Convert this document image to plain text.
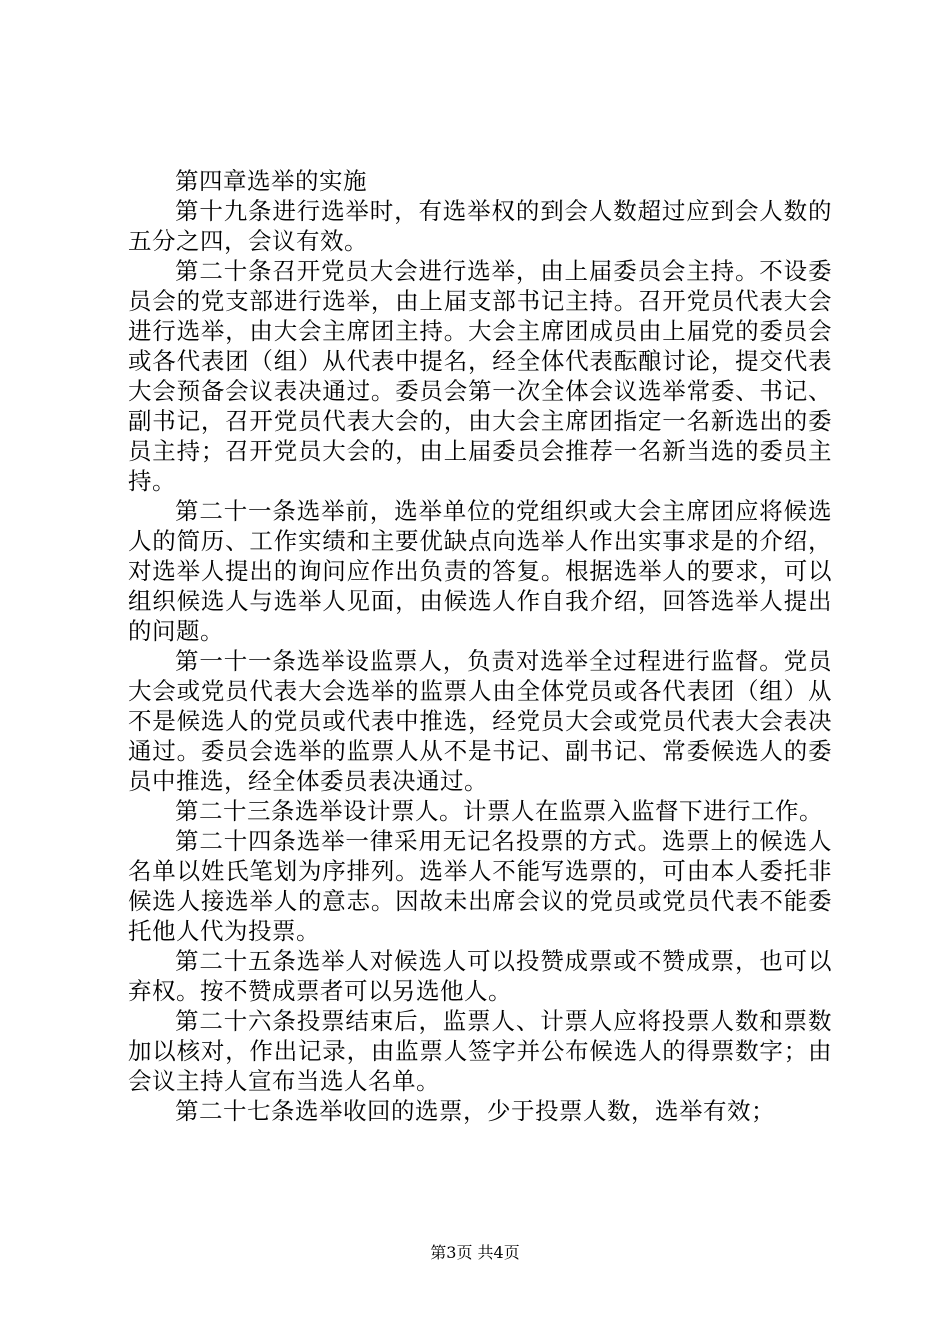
第四章选举的实施

第十九条进行选举时，有选举权的到会人数超过应到会人数的五分之四，会议有效。

第二十条召开党员大会进行选举，由上届委员会主持。不设委员会的党支部进行选举，由上届支部书记主持。召开党员代表大会进行选举，由大会主席团主持。大会主席团成员由上届党的委员会或各代表团（组）从代表中提名，经全体代表酝酿讨论，提交代表大会预备会议表决通过。委员会第一次全体会议选举常委、书记、副书记，召开党员代表大会的，由大会主席团指定一名新选出的委员主持；召开党员大会的，由上届委员会推荐一名新当选的委员主持。

第二十一条选举前，选举单位的党组织或大会主席团应将候选人的简历、工作实绩和主要优缺点向选举人作出实事求是的介绍，对选举人提出的询问应作出负责的答复。根据选举人的要求，可以组织候选人与选举人见面，由候选人作自我介绍，回答选举人提出的问题。

第一十一条选举设监票人，负责对选举全过程进行监督。党员大会或党员代表大会选举的监票人由全体党员或各代表团（组）从不是候选人的党员或代表中推选，经党员大会或党员代表大会表决通过。委员会选举的监票人从不是书记、副书记、常委候选人的委员中推选，经全体委员表决通过。

第二十三条选举设计票人。计票人在监票入监督下进行工作。

第二十四条选举一律采用无记名投票的方式。选票上的候选人名单以姓氏笔划为序排列。选举人不能写选票的，可由本人委托非候选人接选举人的意志。因故未出席会议的党员或党员代表不能委托他人代为投票。

第二十五条选举人对候选人可以投赞成票或不赞成票，也可以弃权。按不赞成票者可以另选他人。

第二十六条投票结束后，监票人、计票人应将投票人数和票数加以核对，作出记录，由监票人签字并公布候选人的得票数字；由会议主持人宣布当选人名单。

第二十七条选举收回的选票，少于投票人数，选举有效；

第3页 共4页
